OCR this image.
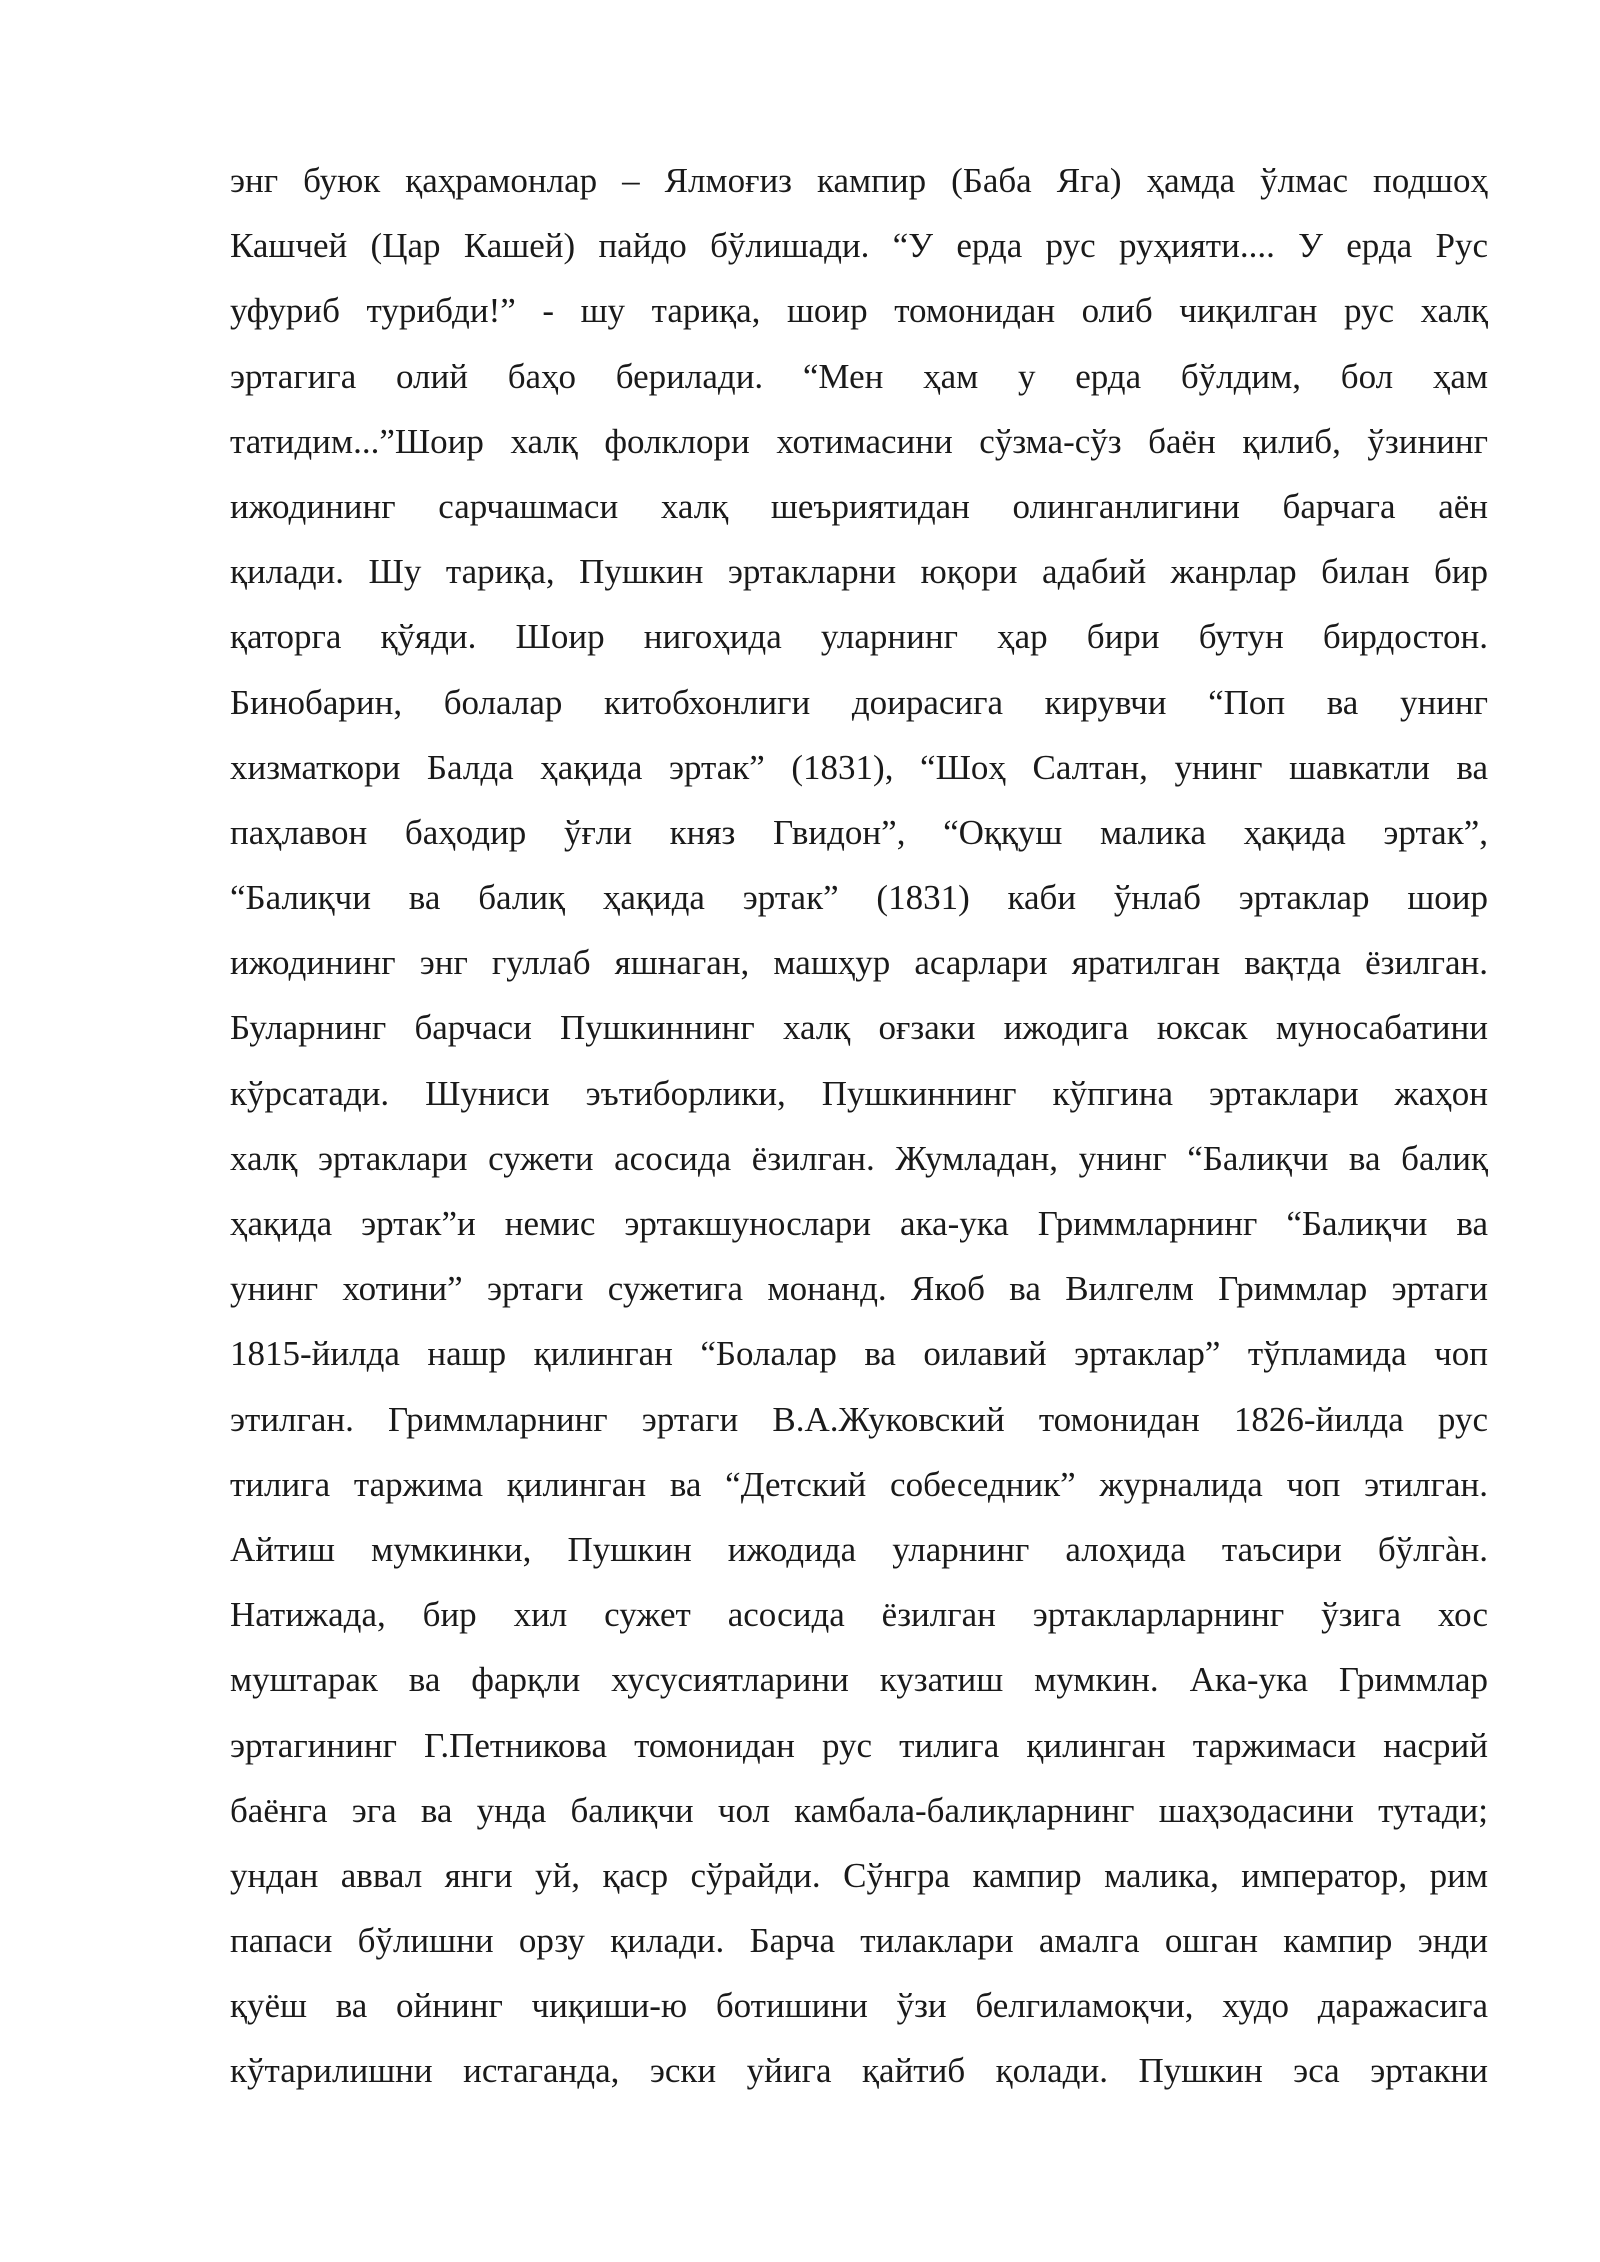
энг буюк қаҳрамонлар – Ялмоғиз кампир (Баба Яга) ҳамда ўлмас подшоҳ
Кашчей (Цар Кашей) пайдо бўлишади. “У ерда рус руҳияти.... У ерда Рус
уфуриб турибди!” - шу тариқа, шоир томонидан олиб чиқилган рус халқ
эртагига олий баҳо берилади. “Мен ҳам у ерда бўлдим, бол ҳам
татидим...”Шоир халқ фолклори хотимасини сўзма-сўз баён қилиб, ўзининг
ижодининг сарчашмаси халқ шеъриятидан олинганлигини барчага аён
қилади. Шу тариқа, Пушкин эртакларни юқори адабий жанрлар билан бир
қаторга қўяди. Шоир нигоҳида уларнинг ҳар бири бутун бирдостон.
Бинобарин, болалар китобхонлиги доирасига кирувчи “Поп ва унинг
хизматкори Балда ҳақида эртак” (1831), “Шоҳ Салтан, унинг шавкатли ва
паҳлавон баҳодир ўғли княз Гвидон”, “Оққуш малика ҳақида эртак”,
“Балиқчи ва балиқ ҳақида эртак” (1831) каби ўнлаб эртаклар шоир
ижодининг энг гуллаб яшнаган, машҳур асарлари яратилган вақтда ёзилган.
Буларнинг барчаси Пушкиннинг халқ оғзаки ижодига юксак муносабатини
кўрсатади. Шуниси эътиборлики, Пушкиннинг кўпгина эртаклари жаҳон
халқ эртаклари сужети асосида ёзилган. Жумладан, унинг “Балиқчи ва балиқ
ҳақида эртак”и немис эртакшунослари ака-ука Гриммларнинг “Балиқчи ва
унинг хотини” эртаги сужетига монанд. Якоб ва Вилгелм Гриммлар эртаги
1815-йилда нашр қилинган “Болалар ва оилавий эртаклар” тўпламида чоп
этилган. Гриммларнинг эртаги В.А.Жуковский томонидан 1826-йилда рус
тилига таржима қилинган ва “Детский собеседник” журналида чоп этилган.
Айтиш мумкинки, Пушкин ижодида уларнинг алоҳида таъсири бўлгàн.
Натижада, бир хил сужет асосида ёзилган эртакларларнинг ўзига хос
муштарак ва фарқли хусусиятларини кузатиш мумкин. Ака-ука Гриммлар
эртагининг Г.Петникова томонидан рус тилига қилинган таржимаси насрий
баёнга эга ва унда балиқчи чол камбала-балиқларнинг шаҳзодасини тутади;
ундан аввал янги уй, қаср сўрайди. Сўнгра кампир малика, император, рим
папаси бўлишни орзу қилади. Барча тилаклари амалга ошган кампир энди
қуёш ва ойнинг чиқиши-ю ботишини ўзи белгиламоқчи, худо даражасига
кўтарилишни истаганда, эски уйига қайтиб қолади. Пушкин эса эртакни
